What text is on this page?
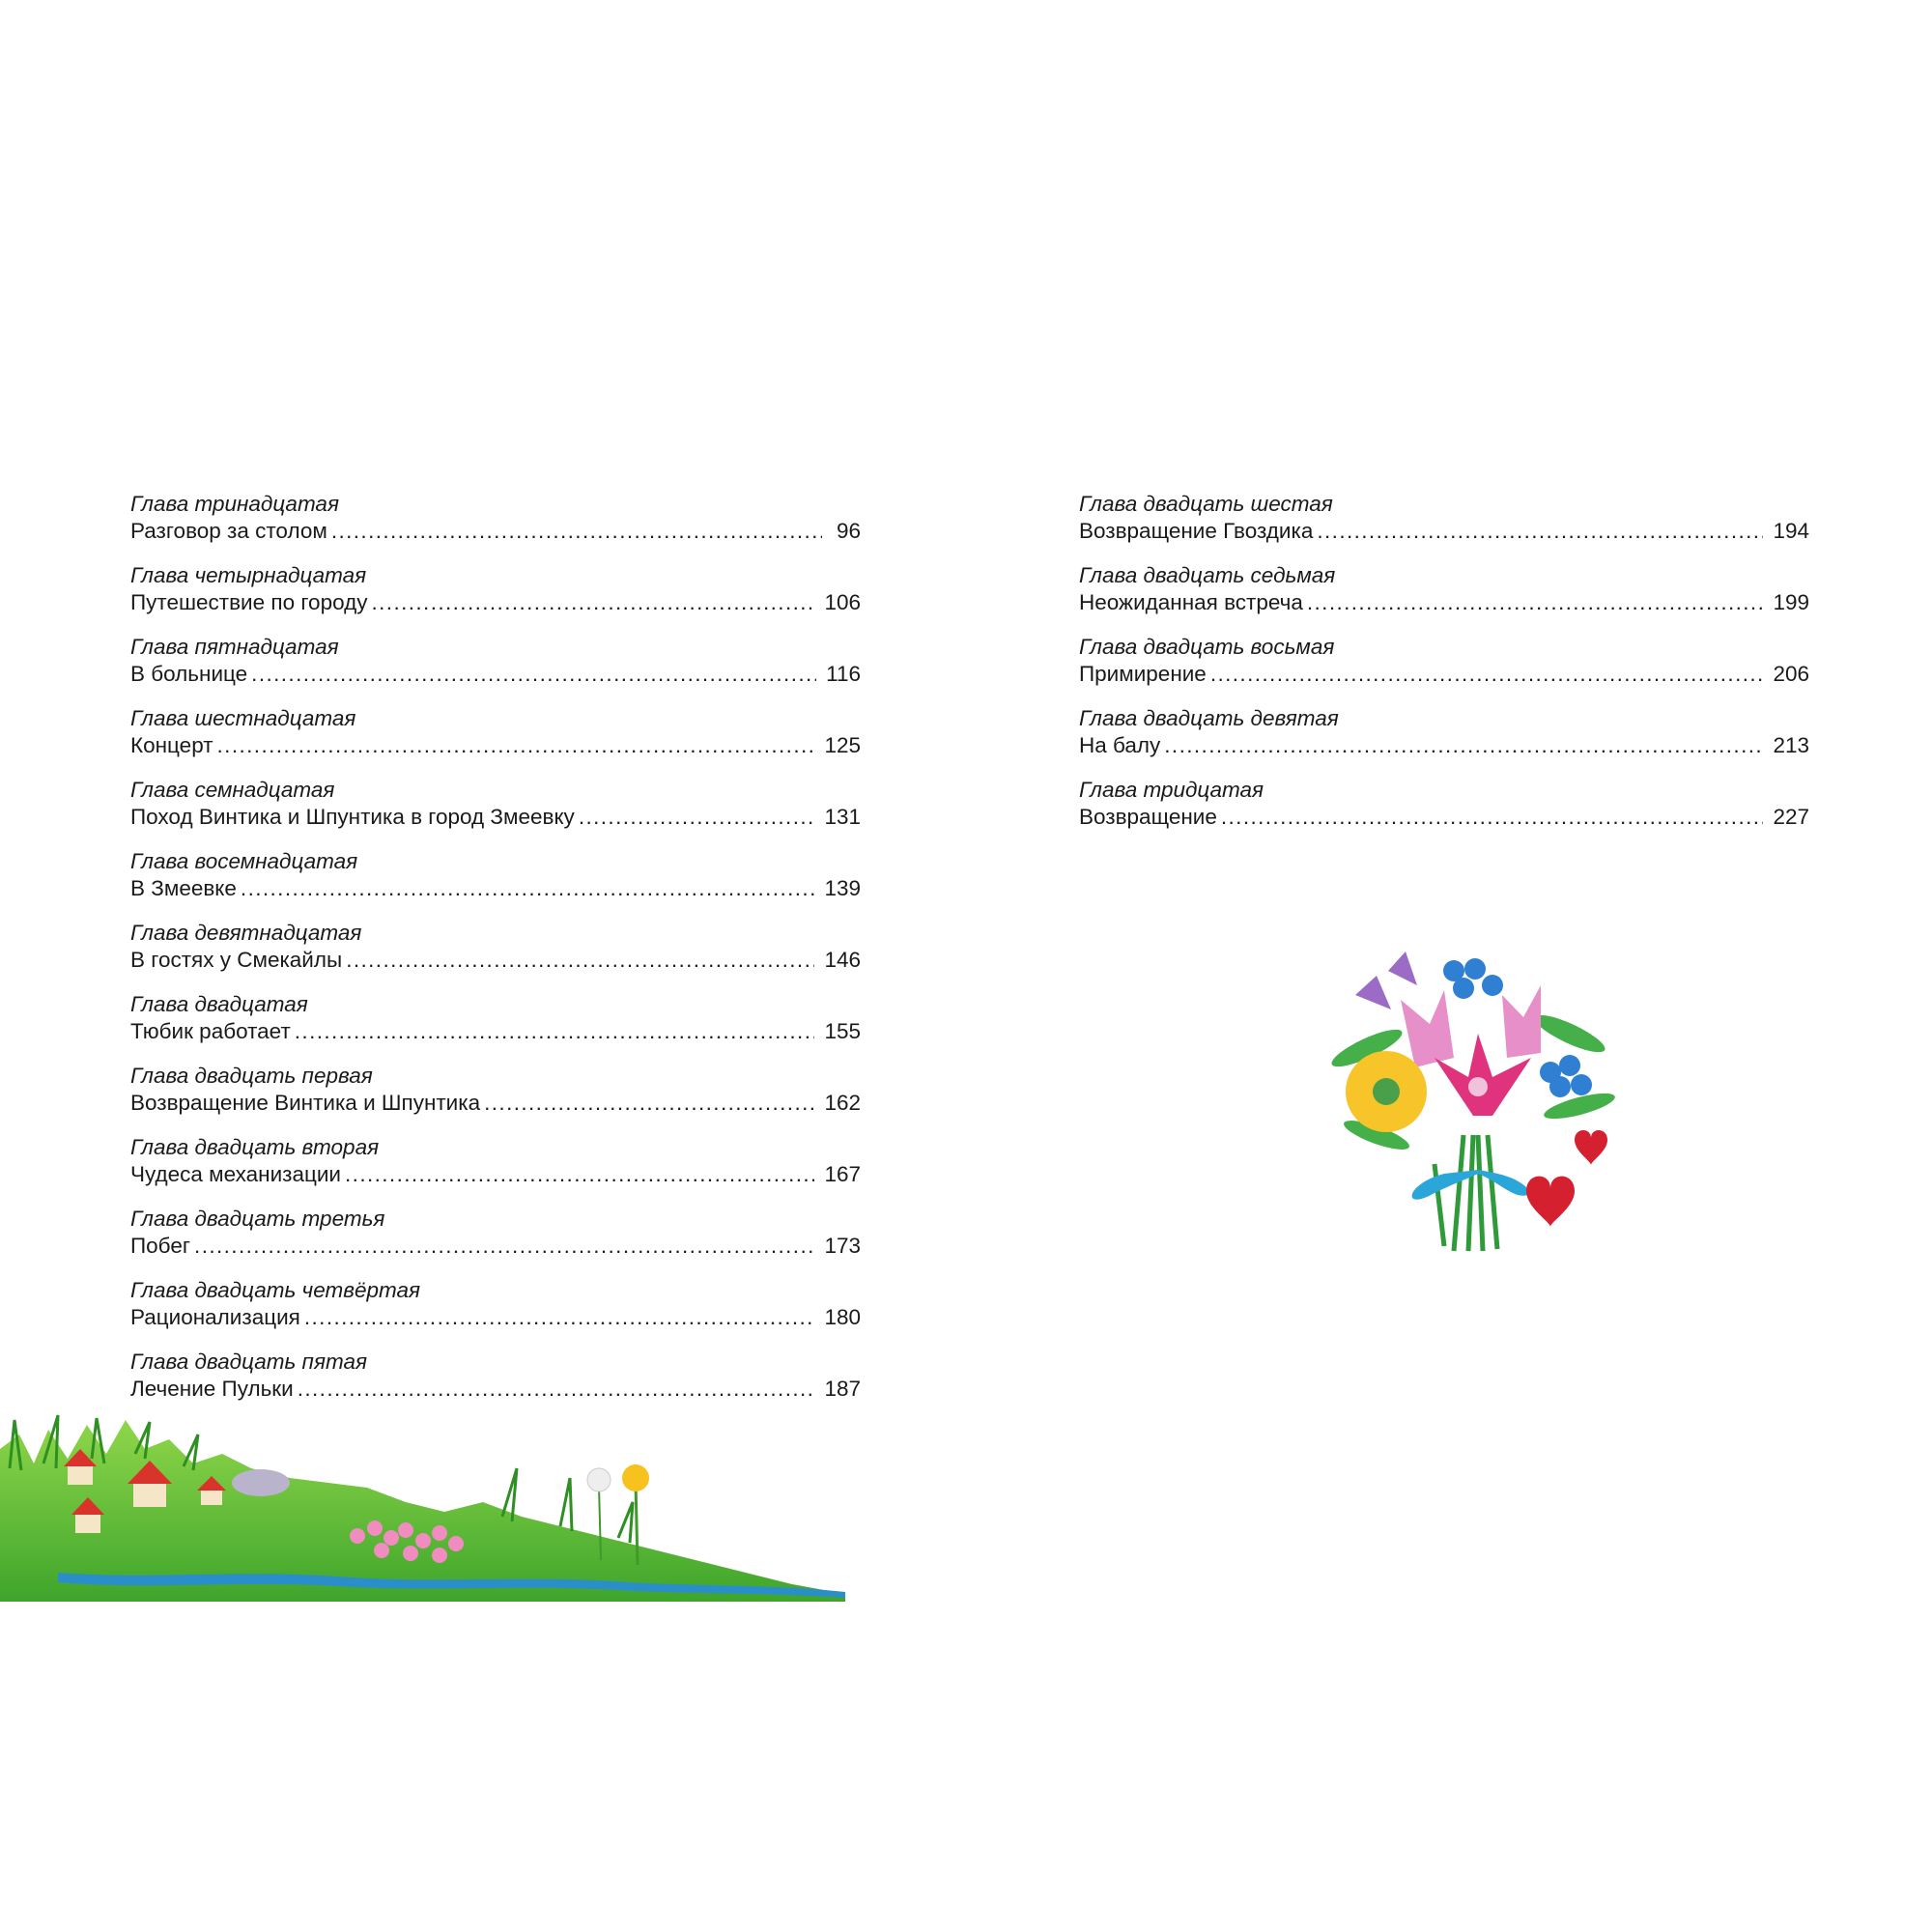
Глава тринадцатая
Разговор за столом .....	96
Глава четырнадцатая
Путешествие по городу .....	106
Глава пятнадцатая
В больнице .....	116
Глава шестнадцатая
Концерт .....	125
Глава семнадцатая
Поход Винтика и Шпунтика в город Змеевку .....	131
Глава восемнадцатая
В Змеевке .....	139
Глава девятнадцатая
В гостях у Смекайлы .....	146
Глава двадцатая
Тюбик работает .....	155
Глава двадцать первая
Возвращение Винтика и Шпунтика .....	162
Глава двадцать вторая
Чудеса механизации .....	167
Глава двадцать третья
Побег .....	173
Глава двадцать четвёртая
Рационализация .....	180
Глава двадцать пятая
Лечение Пульки .....	187
Глава двадцать шестая
Возвращение Гвоздика .....	194
Глава двадцать седьмая
Неожиданная встреча .....	199
Глава двадцать восьмая
Примирение .....	206
Глава двадцать девятая
На балу .....	213
Глава тридцатая
Возвращение .....	227
